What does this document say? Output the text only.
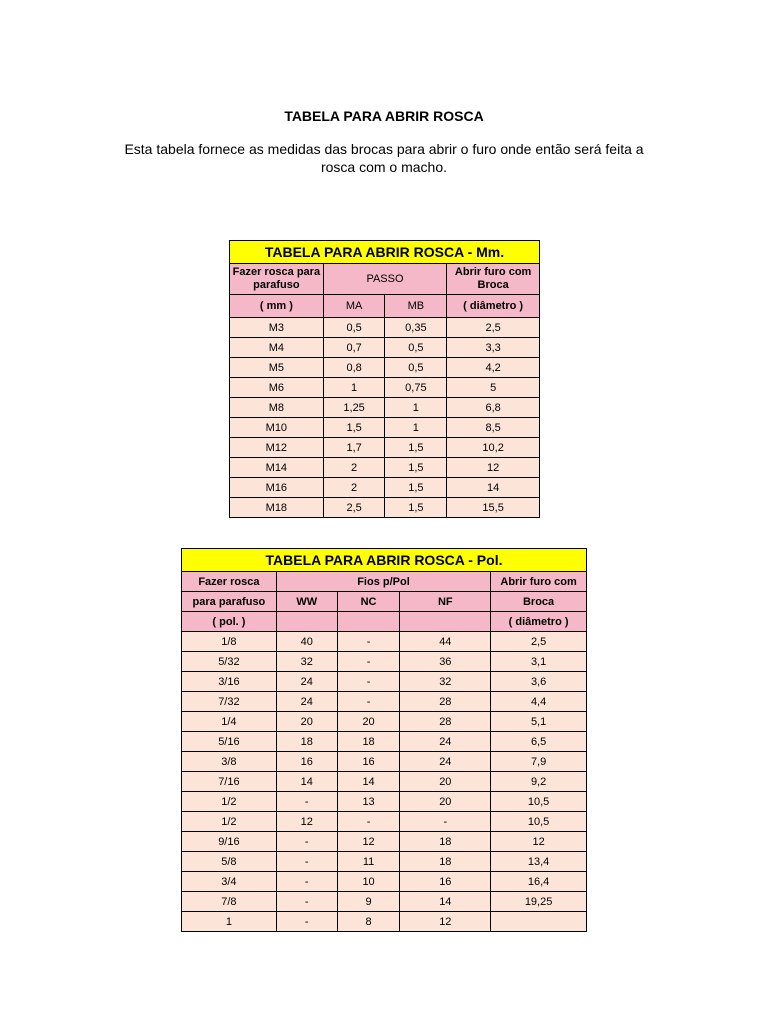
TABELA PARA ABRIR ROSCA
Esta tabela fornece as medidas das brocas para abrir o furo onde então será feita a rosca com o macho.
TABELA PARA ABRIR ROSCA - Mm.			
Fazer rosca para parafuso	PASSO		Abrir furo com Broca
( mm )	MA	MB	( diâmetro )
M3	0,5	0,35	2,5
M4	0,7	0,5	3,3
M5	0,8	0,5	4,2
M6	1	0,75	5
M8	1,25	1	6,8
M10	1,5	1	8,5
M12	1,7	1,5	10,2
M14	2	1,5	12
M16	2	1,5	14
M18	2,5	1,5	15,5
TABELA PARA ABRIR ROSCA - Pol.				
Fazer rosca	Fios p/Pol			Abrir furo com
para parafuso	WW	NC	NF	Broca
( pol. )				( diâmetro )
1/8	40	-	44	2,5
5/32	32	-	36	3,1
3/16	24	-	32	3,6
7/32	24	-	28	4,4
1/4	20	20	28	5,1
5/16	18	18	24	6,5
3/8	16	16	24	7,9
7/16	14	14	20	9,2
1/2	-	13	20	10,5
1/2	12	-	-	10,5
9/16	-	12	18	12
5/8	-	11	18	13,4
3/4	-	10	16	16,4
7/8	-	9	14	19,25
1	-	8	12	
